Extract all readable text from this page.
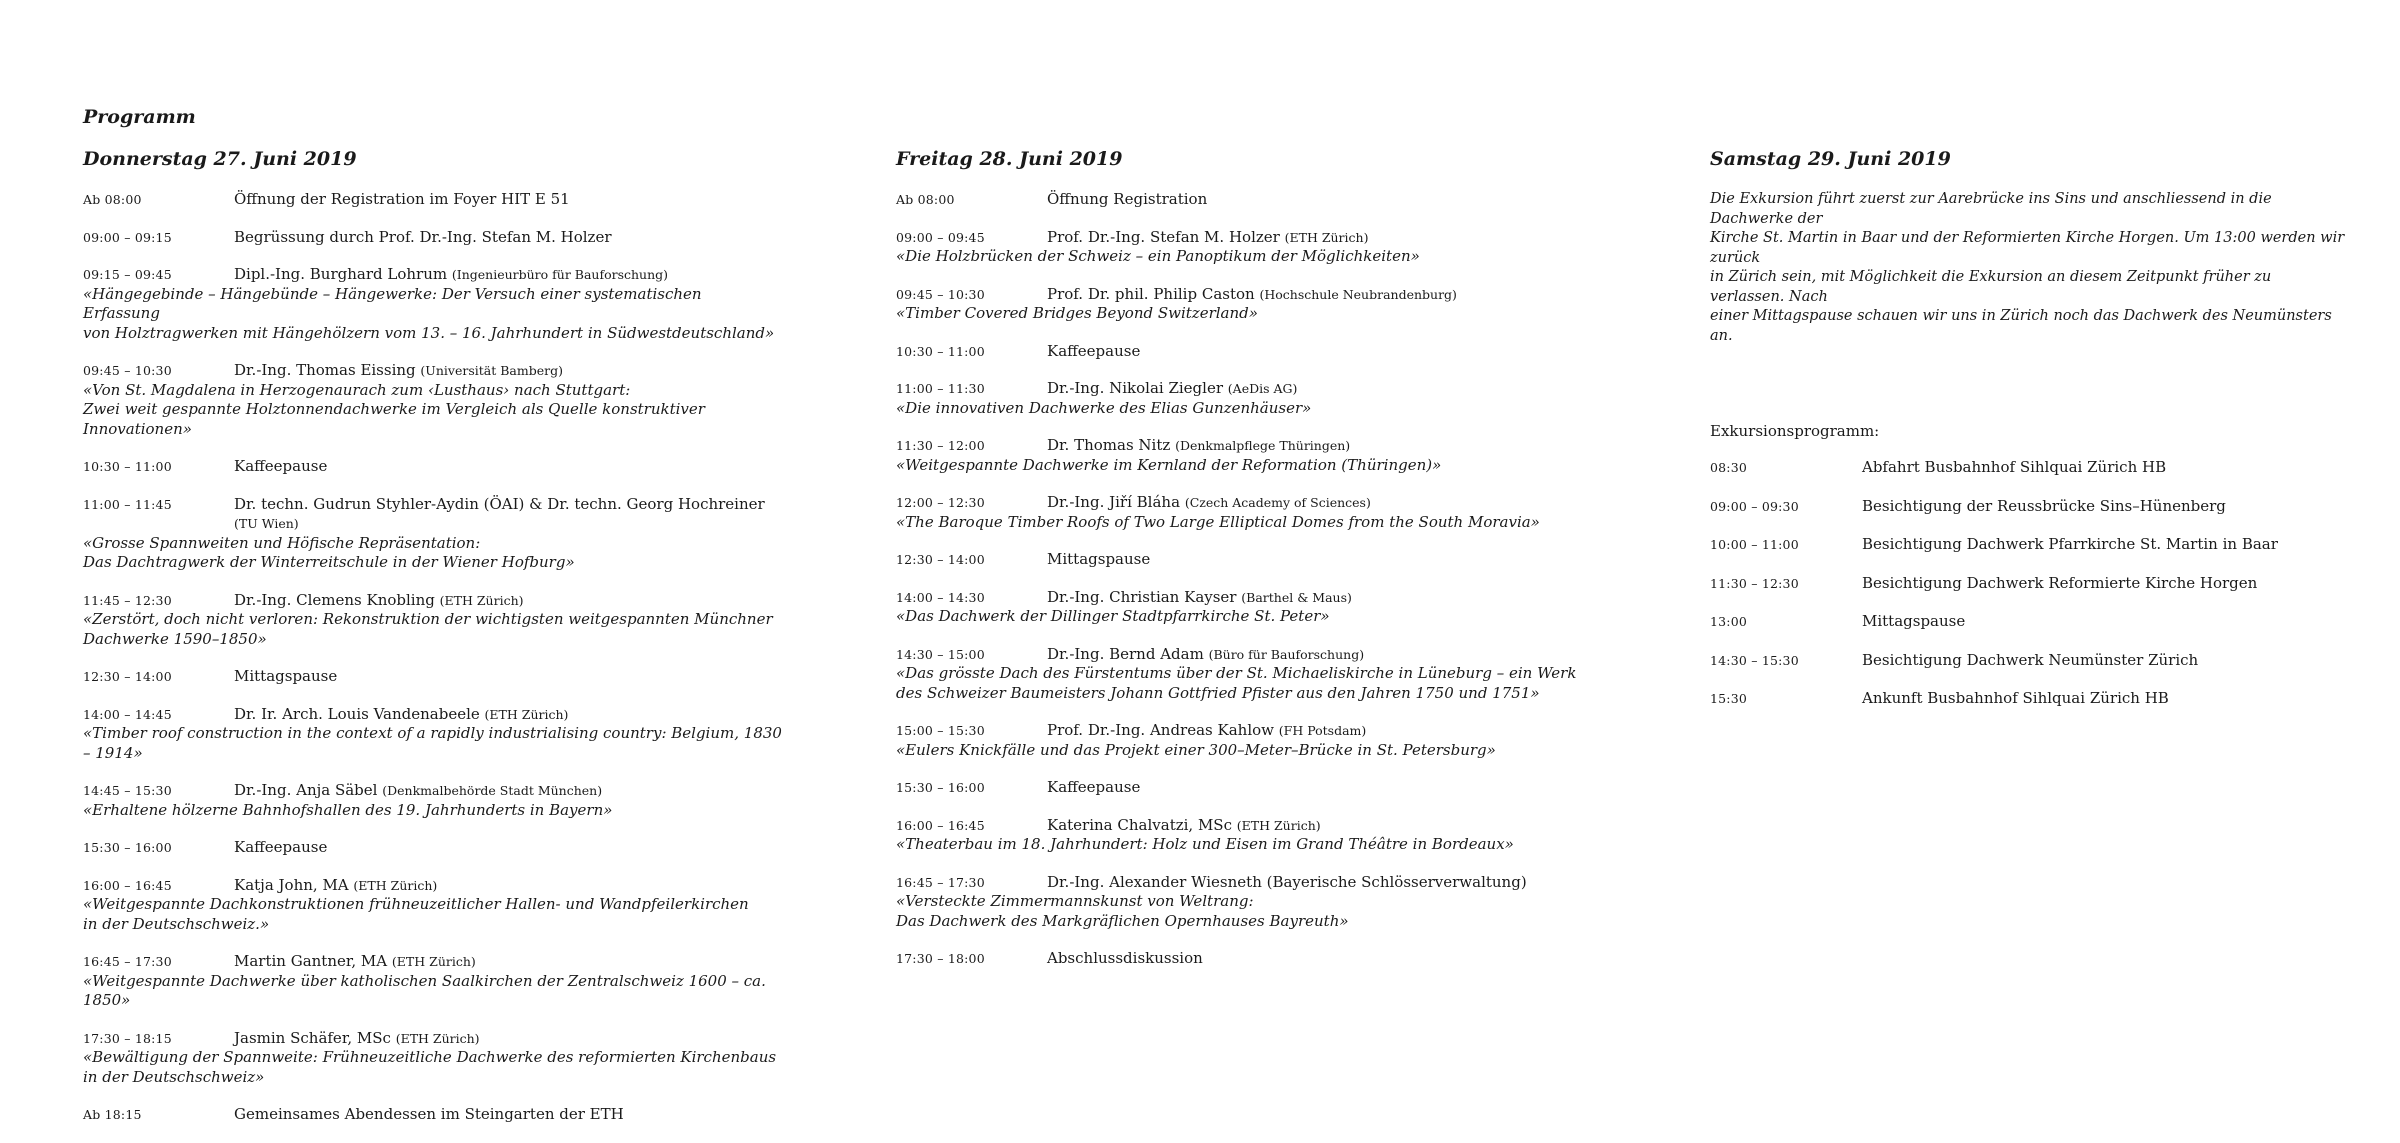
Programm
Donnerstag 27. Juni 2019
Ab 08:00	Öffnung der Registration im Foyer HIT E 51
09:00 – 09:15	Begrüssung durch Prof. Dr.-Ing. Stefan M. Holzer
09:15 – 09:45	Dipl.-Ing. Burghard Lohrum (Ingenieurbüro für Bauforschung)
«Hängegebinde – Hängebünde – Hängewerke: Der Versuch einer systematischen Erfassung
von Holztragwerken mit Hängehölzern vom 13. – 16. Jahrhundert in Südwestdeutschland»
09:45 – 10:30	Dr.-Ing. Thomas Eissing (Universität Bamberg)
«Von St. Magdalena in Herzogenaurach zum ‹Lusthaus› nach Stuttgart:
Zwei weit gespannte Holztonnendachwerke im Vergleich als Quelle konstruktiver Innovationen»
10:30 – 11:00	Kaffeepause
11:00 – 11:45	Dr. techn. Gudrun Styhler-Aydin (ÖAI) & Dr. techn. Georg Hochreiner (TU Wien)
«Grosse Spannweiten und Höfische Repräsentation:
Das Dachtragwerk der Winterreitschule in der Wiener Hofburg»
11:45 – 12:30	Dr.-Ing. Clemens Knobling (ETH Zürich)
«Zerstört, doch nicht verloren: Rekonstruktion der wichtigsten weitgespannten Münchner
Dachwerke 1590–1850»
12:30 – 14:00	Mittagspause
14:00 – 14:45	Dr. Ir. Arch. Louis Vandenabeele (ETH Zürich)
«Timber roof construction in the context of a rapidly industrialising country: Belgium, 1830 – 1914»
14:45 – 15:30	Dr.-Ing. Anja Säbel (Denkmalbehörde Stadt München)
«Erhaltene hölzerne Bahnhofshallen des 19. Jahrhunderts in Bayern»
15:30 – 16:00	Kaffeepause
16:00 – 16:45	Katja John, MA (ETH Zürich)
«Weitgespannte Dachkonstruktionen frühneuzeitlicher Hallen- und Wandpfeilerkirchen
in der Deutschschweiz.»
16:45 – 17:30	Martin Gantner, MA (ETH Zürich)
«Weitgespannte Dachwerke über katholischen Saalkirchen der Zentralschweiz 1600 – ca. 1850»
17:30 – 18:15	Jasmin Schäfer, MSc (ETH Zürich)
«Bewältigung der Spannweite: Frühneuzeitliche Dachwerke des reformierten Kirchenbaus
in der Deutschschweiz»
Ab 18:15	Gemeinsames Abendessen im Steingarten der ETH
Freitag 28. Juni 2019
Ab 08:00	Öffnung Registration
09:00 – 09:45	Prof. Dr.-Ing. Stefan M. Holzer (ETH Zürich)
«Die Holzbrücken der Schweiz – ein Panoptikum der Möglichkeiten»
09:45 – 10:30	Prof. Dr. phil. Philip Caston (Hochschule Neubrandenburg)
«Timber Covered Bridges Beyond Switzerland»
10:30 – 11:00	Kaffeepause
11:00 – 11:30	Dr.-Ing. Nikolai Ziegler (AeDis AG)
«Die innovativen Dachwerke des Elias Gunzenhäuser»
11:30 – 12:00	Dr. Thomas Nitz (Denkmalpflege Thüringen)
«Weitgespannte Dachwerke im Kernland der Reformation (Thüringen)»
12:00 – 12:30	Dr.-Ing. Jiří Bláha (Czech Academy of Sciences)
«The Baroque Timber Roofs of Two Large Elliptical Domes from the South Moravia»
12:30 – 14:00	Mittagspause
14:00 – 14:30	Dr.-Ing. Christian Kayser (Barthel & Maus)
«Das Dachwerk der Dillinger Stadtpfarrkirche St. Peter»
14:30 – 15:00	Dr.-Ing. Bernd Adam (Büro für Bauforschung)
«Das grösste Dach des Fürstentums über der St. Michaeliskirche in Lüneburg – ein Werk
des Schweizer Baumeisters Johann Gottfried Pfister aus den Jahren 1750 und 1751»
15:00 – 15:30	Prof. Dr.-Ing. Andreas Kahlow (FH Potsdam)
«Eulers Knickfälle und das Projekt einer 300–Meter–Brücke in St. Petersburg»
15:30 – 16:00	Kaffeepause
16:00 – 16:45	Katerina Chalvatzi, MSc (ETH Zürich)
«Theaterbau im 18. Jahrhundert: Holz und Eisen im Grand Théâtre in Bordeaux»
16:45 – 17:30	Dr.-Ing. Alexander Wiesneth (Bayerische Schlösserverwaltung)
«Versteckte Zimmermannskunst von Weltrang:
Das Dachwerk des Markgräflichen Opernhauses Bayreuth»
17:30 – 18:00	Abschlussdiskussion
Samstag 29. Juni 2019
Die Exkursion führt zuerst zur Aarebrücke ins Sins und anschliessend in die Dachwerke der
Kirche St. Martin in Baar und der Reformierten Kirche Horgen. Um 13:00 werden wir zurück
in Zürich sein, mit Möglichkeit die Exkursion an diesem Zeitpunkt früher zu verlassen. Nach
einer Mittagspause schauen wir uns in Zürich noch das Dachwerk des Neumünsters an.
Exkursionsprogramm:
08:30	Abfahrt Busbahnhof Sihlquai Zürich HB
09:00 – 09:30	Besichtigung der Reussbrücke Sins–Hünenberg
10:00 – 11:00	Besichtigung Dachwerk Pfarrkirche St. Martin in Baar
11:30 – 12:30	Besichtigung Dachwerk Reformierte Kirche Horgen
13:00	Mittagspause
14:30 – 15:30	Besichtigung Dachwerk Neumünster Zürich
15:30	Ankunft Busbahnhof Sihlquai Zürich HB
